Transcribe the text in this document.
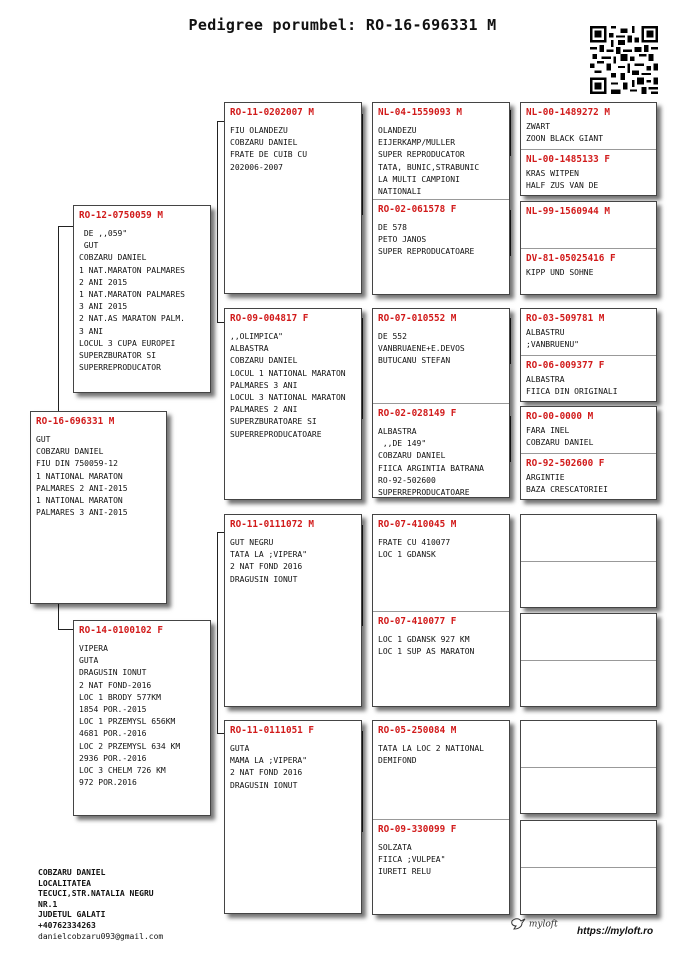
Pedigree porumbel: RO-16-696331 M
RO-16-696331 M
GUT
COBZARU DANIEL
FIU DIN 750059-12
1 NATIONAL MARATON
PALMARES 2 ANI-2015
1 NATIONAL MARATON
PALMARES 3 ANI-2015
RO-12-0750059 M
DE ,,059"
GUT
COBZARU DANIEL
1 NAT.MARATON PALMARES
2 ANI 2015
1 NAT.MARATON PALMARES
3 ANI 2015
2 NAT.AS MARATON PALM.
3 ANI
LOCUL 3 CUPA EUROPEI
SUPERZBURATOR SI
SUPERREPRODUCATOR
RO-14-0100102 F
VIPERA
GUTA
DRAGUSIN IONUT
2 NAT FOND-2016
LOC 1 BRODY 577KM
1854 POR.-2015
LOC 1 PRZEMYSL 656KM
4681 POR.-2016
LOC 2 PRZEMYSL 634 KM
2936 POR.-2016
LOC 3 CHELM 726 KM
972 POR.2016
RO-11-0202007 M
FIU OLANDEZU
COBZARU DANIEL
FRATE DE CUIB CU
202006-2007
RO-09-004817 F
,,OLIMPICA"
ALBASTRA
COBZARU DANIEL
LOCUL 1 NATIONAL MARATON
PALMARES 3 ANI
LOCUL 3 NATIONAL MARATON
PALMARES 2 ANI
SUPERZBURATOARE SI
SUPERREPRODUCATOARE
RO-11-0111072 M
GUT NEGRU
TATA LA ;VIPERA"
2 NAT FOND 2016
DRAGUSIN IONUT
RO-11-0111051 F
GUTA
MAMA LA ;VIPERA"
2 NAT FOND 2016
DRAGUSIN IONUT
NL-04-1559093 M
OLANDEZU
EIJERKAMP/MULLER
SUPER REPRODUCATOR
TATA, BUNIC,STRABUNIC
LA MULTI CAMPIONI
NATIONALI
RO-02-061578 F
DE 578
PETO JANOS
SUPER REPRODUCATOARE
RO-07-010552 M
DE 552
VANBRUAENE+E.DEVOS
BUTUCANU STEFAN
RO-02-028149 F
ALBASTRA
,,DE 149"
COBZARU DANIEL
FIICA ARGINTIA BATRANA
RO-92-502600
SUPERREPRODUCATOARE
RO-07-410045 M
FRATE CU 410077
LOC 1 GDANSK
RO-07-410077 F
LOC 1 GDANSK 927 KM
LOC 1 SUP AS MARATON
RO-05-250084 M
TATA LA LOC 2 NATIONAL
DEMIFOND
RO-09-330099 F
SOLZATA
FIICA ;VULPEA"
IURETI RELU
NL-00-1489272 M
ZWART
ZOON BLACK GIANT
NL-00-1485133 F
KRAS WITPEN
HALF ZUS VAN DE
NL-99-1560944 M
DV-81-05025416 F
KIPP UND SOHNE
RO-03-509781 M
ALBASTRU
;VANBRUENU"
RO-06-009377 F
ALBASTRA
FIICA DIN ORIGINALI
RO-00-0000 M
FARA INEL
COBZARU DANIEL
RO-92-502600 F
ARGINTIE
BAZA CRESCATORIEI
COBZARU DANIEL
LOCALITATEA
TECUCI,STR.NATALIA NEGRU
NR.1
JUDETUL GALATI
+40762334263
danielcobzaru093@gmail.com
myloft
https://myloft.ro
